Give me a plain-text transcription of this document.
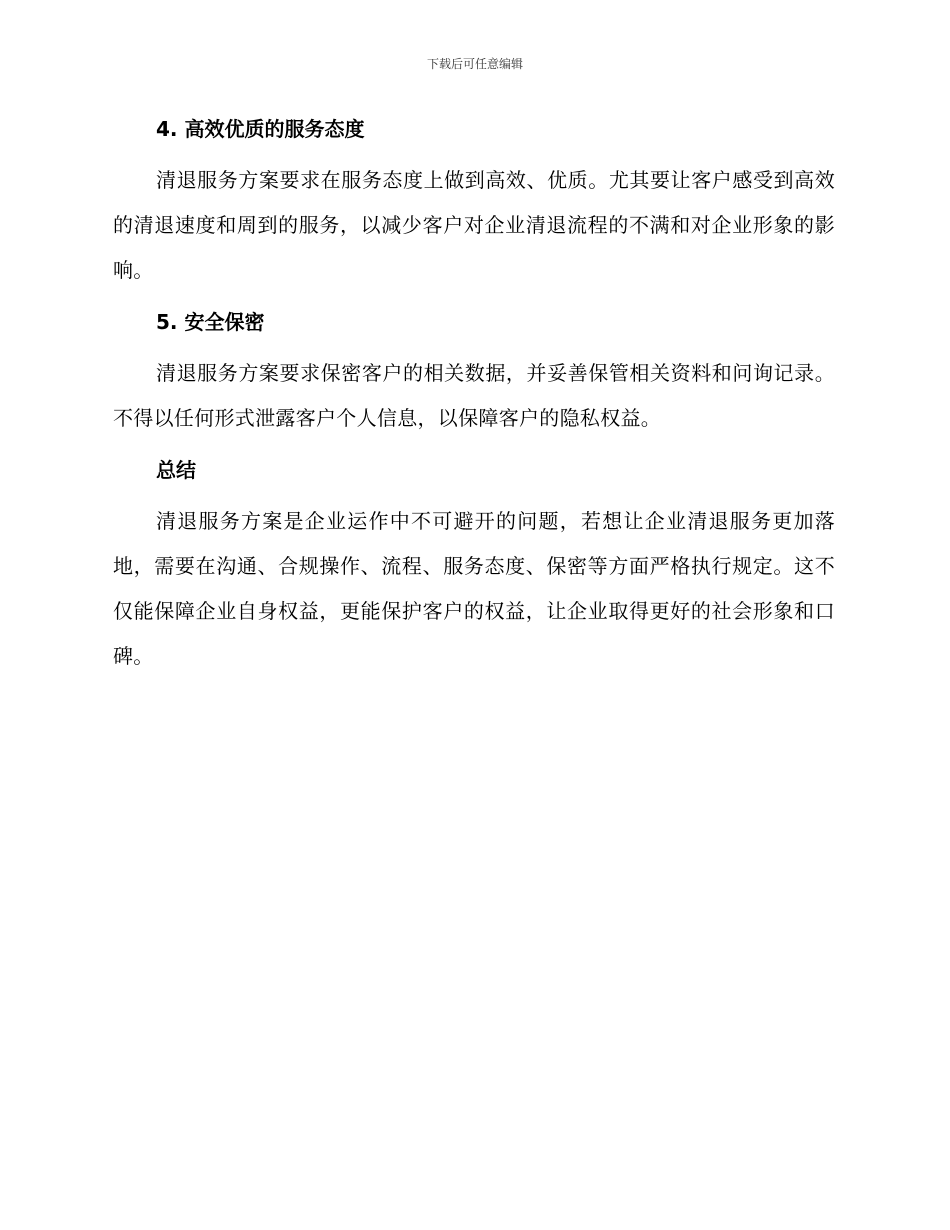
下载后可任意编辑
4. 高效优质的服务态度

清退服务方案要求在服务态度上做到高效、优质。尤其要让客户感受到高效的清退速度和周到的服务，以减少客户对企业清退流程的不满和对企业形象的影响。

5. 安全保密

清退服务方案要求保密客户的相关数据，并妥善保管相关资料和问询记录。不得以任何形式泄露客户个人信息，以保障客户的隐私权益。

总结

清退服务方案是企业运作中不可避开的问题，若想让企业清退服务更加落地，需要在沟通、合规操作、流程、服务态度、保密等方面严格执行规定。这不仅能保障企业自身权益，更能保护客户的权益，让企业取得更好的社会形象和口碑。
